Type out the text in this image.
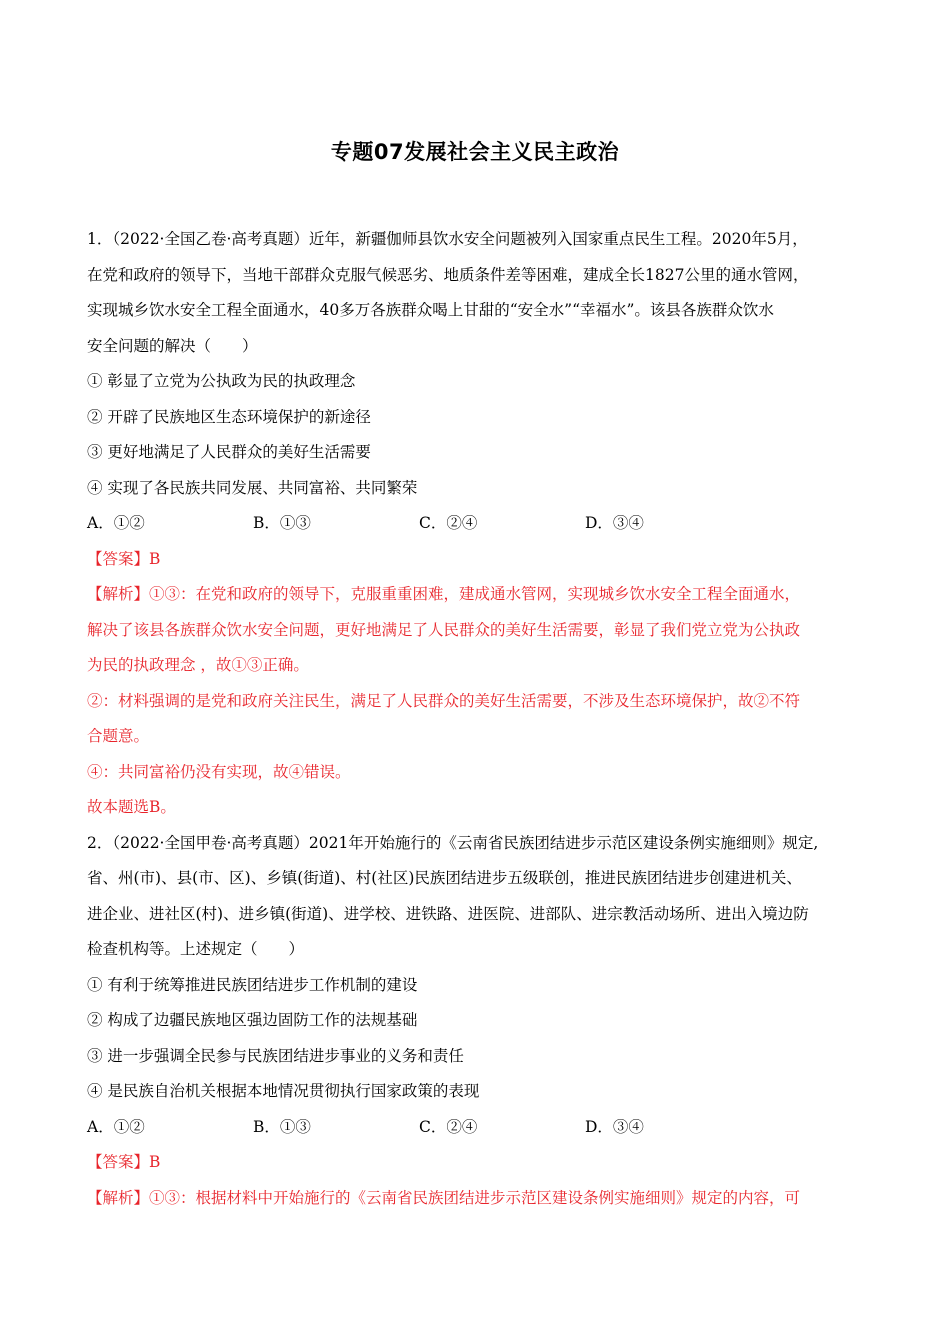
专题07发展社会主义民主政治
1．（2022·全国乙卷·高考真题）近年，新疆伽师县饮水安全问题被列入国家重点民生工程。2020年5月，
在党和政府的领导下，当地干部群众克服气候恶劣、地质条件差等困难，建成全长1827公里的通水管网，
实现城乡饮水安全工程全面通水，40多万各族群众喝上甘甜的“安全水”“幸福水”。该县各族群众饮水
安全问题的解决（　　）
① 彰显了立党为公执政为民的执政理念
② 开辟了民族地区生态环境保护的新途径
③ 更好地满足了人民群众的美好生活需要
④ 实现了各民族共同发展、共同富裕、共同繁荣
A．①②	B．①③	C．②④	D．③④
【答案】B
【解析】①③：在党和政府的领导下，克服重重困难，建成通水管网，实现城乡饮水安全工程全面通水，
解决了该县各族群众饮水安全问题，更好地满足了人民群众的美好生活需要，彰显了我们党立党为公执政
为民的执政理念 ，故①③正确。
②：材料强调的是党和政府关注民生，满足了人民群众的美好生活需要，不涉及生态环境保护，故②不符
合题意。
④：共同富裕仍没有实现，故④错误。
故本题选B。
2．（2022·全国甲卷·高考真题）2021年开始施行的《云南省民族团结进步示范区建设条例实施细则》规定,
省、州(市)、县(市、区)、乡镇(街道)、村(社区)民族团结进步五级联创，推进民族团结进步创建进机关、
进企业、进社区(村)、进乡镇(街道)、进学校、进铁路、进医院、进部队、进宗教活动场所、进出入境边防
检查机构等。上述规定（　　）
① 有利于统筹推进民族团结进步工作机制的建设
② 构成了边疆民族地区强边固防工作的法规基础
③ 进一步强调全民参与民族团结进步事业的义务和责任
④ 是民族自治机关根据本地情况贯彻执行国家政策的表现
A．①②	B．①③	C．②④	D．③④
【答案】B
【解析】①③：根据材料中开始施行的《云南省民族团结进步示范区建设条例实施细则》规定的内容，可
